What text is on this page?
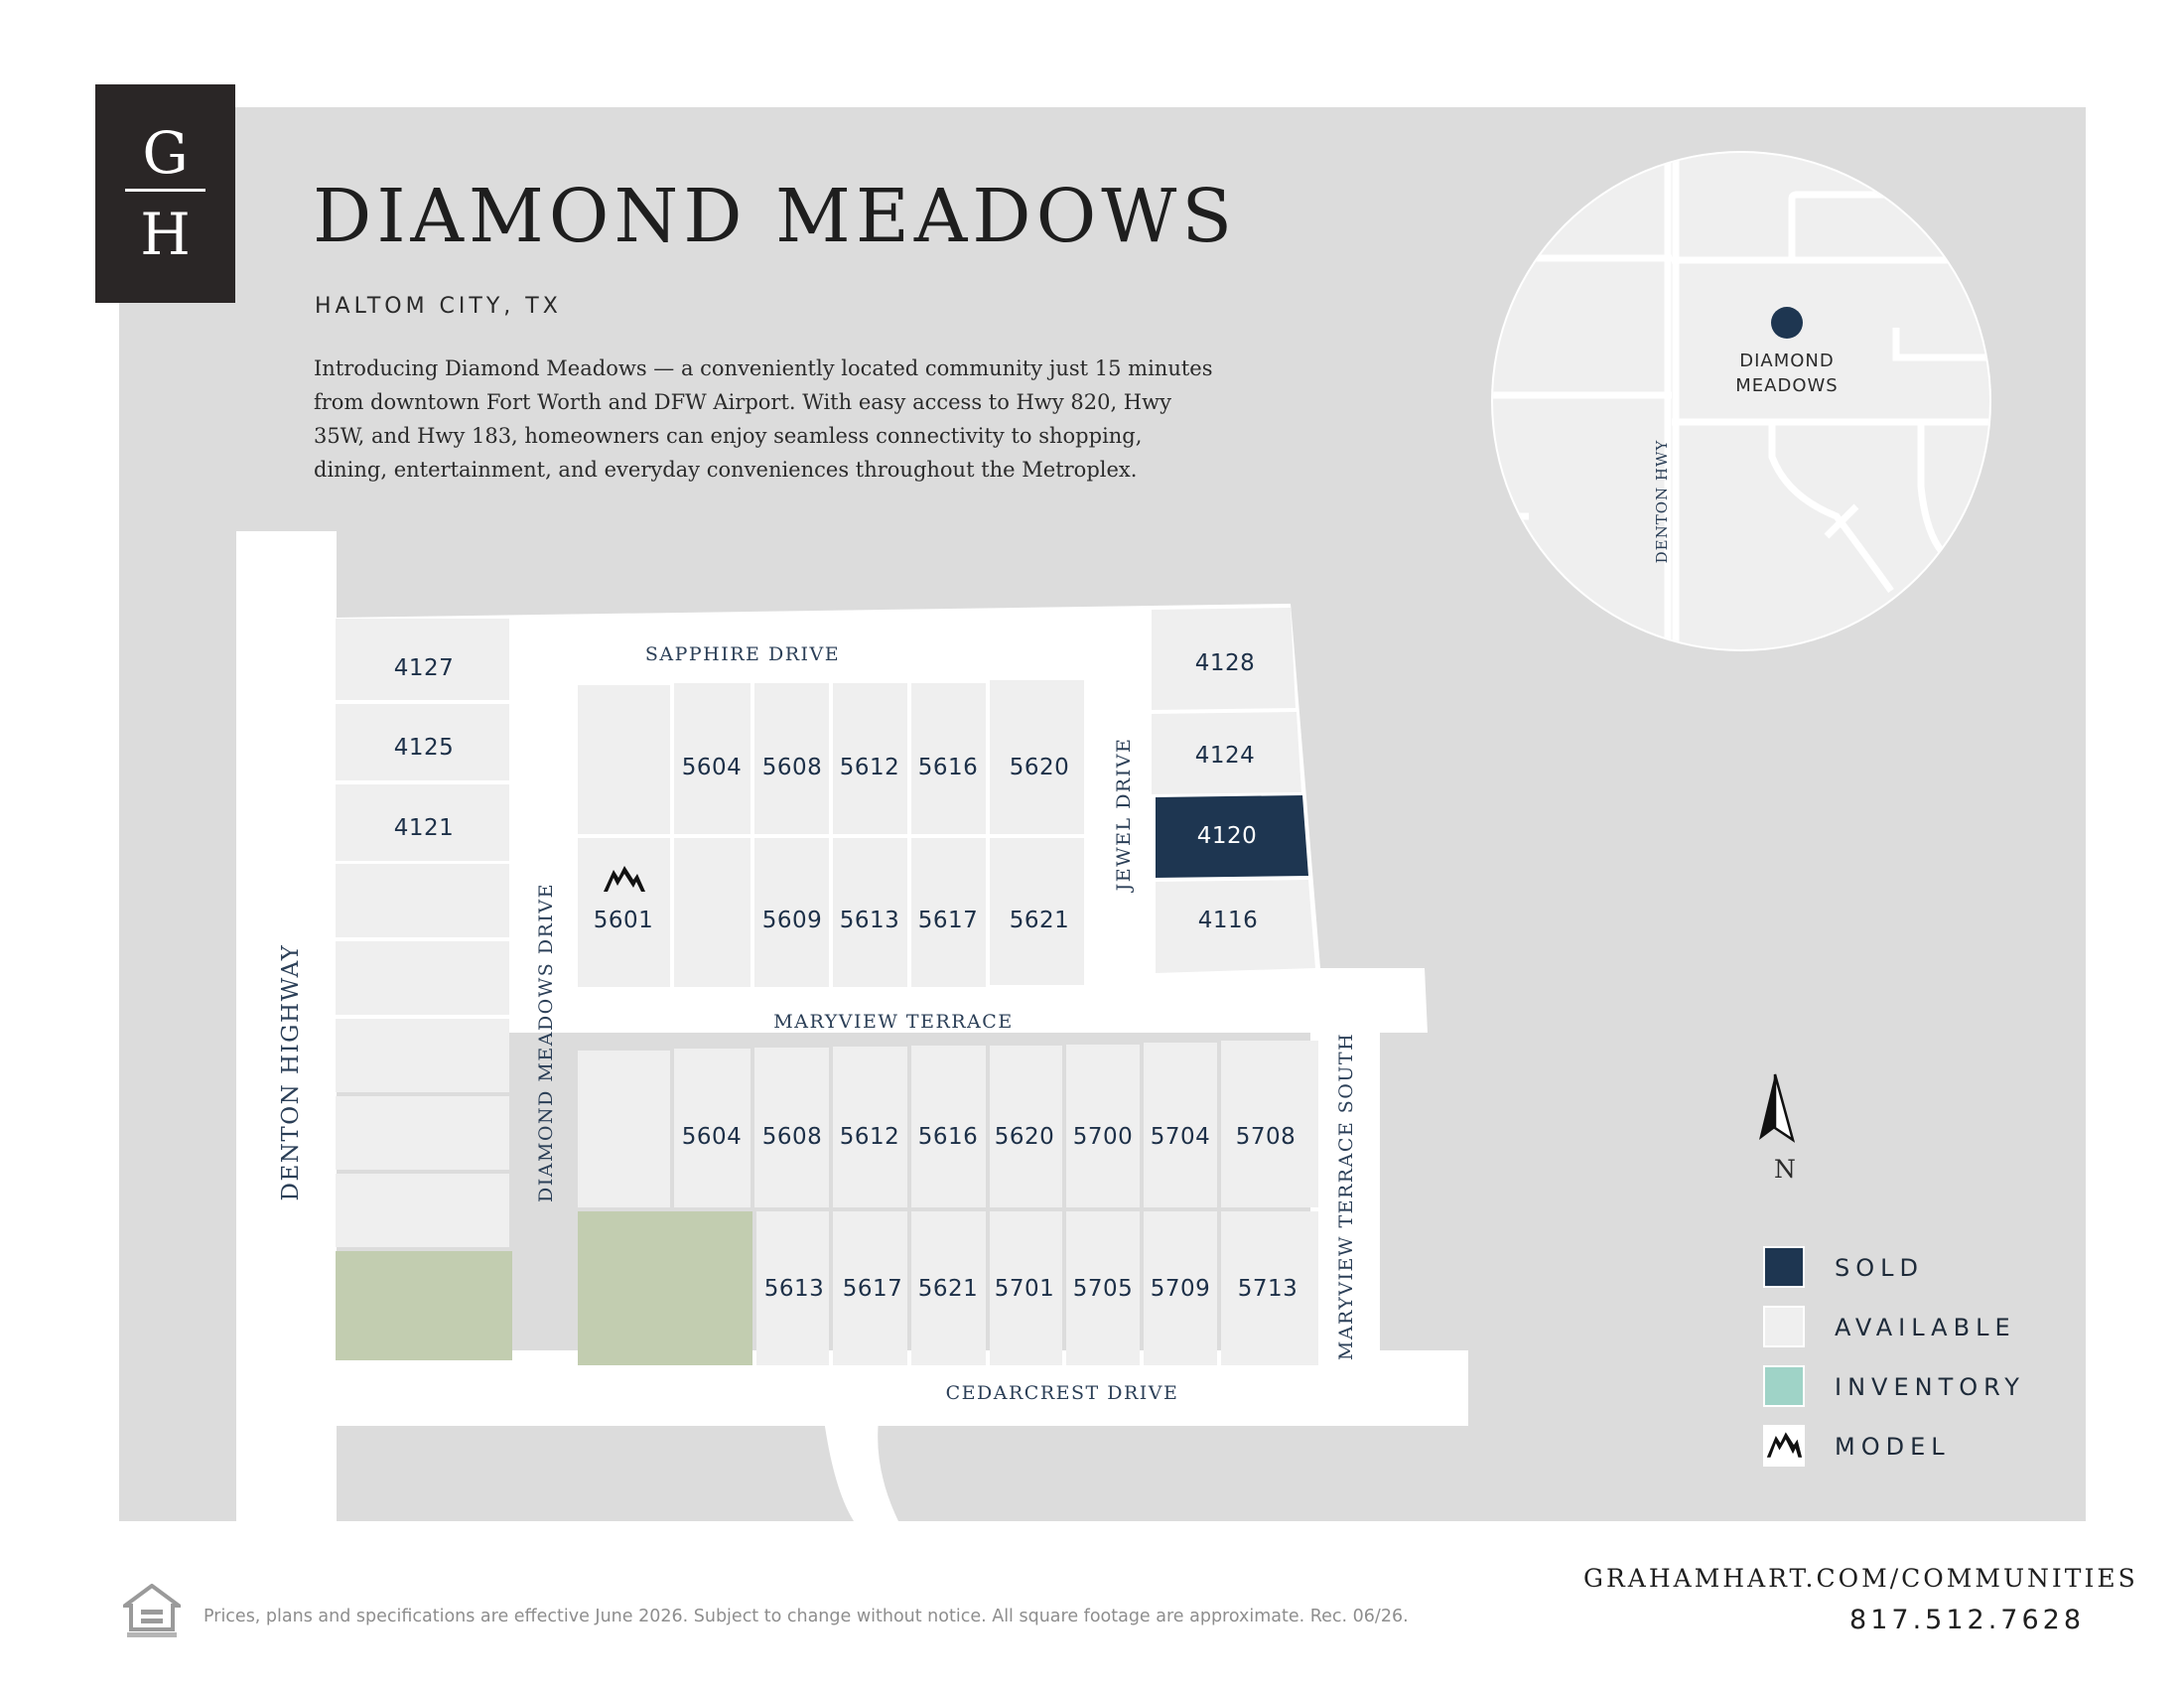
G
H	DIAMOND MEADOWS
HALTOM CITY, TX
Introducing Diamond Meadows — a conveniently located community just 15 minutes from downtown Fort Worth and DFW Airport. With easy access to Hwy 820, Hwy 35W, and Hwy 183, homeowners can enjoy seamless connectivity to shopping, dining, entertainment, and everyday conveniences throughout the Metroplex.
4127
4125
4121
5604 5608 5612 5616 5620
5601	5609 5613 5617 5621
4128
4124
4120
4116
5604 5608 5612 5616 5620 5700 5704 5708
5613 5617 5621 5701 5705 5709 5713
DENTON HIGHWAY
SAPPHIRE DRIVE
DIAMOND MEADOWS DRIVE
JEWEL DRIVE
MARYVIEW TERRACE
MARYVIEW TERRACE SOUTH
CEDARCREST DRIVE
DIAMOND
MEADOWS
DENTON HWY
N
SOLD
AVAILABLE
INVENTORY
MODEL
Prices, plans and specifications are effective June 2026. Subject to change without notice. All square footage are approximate. Rec. 06/26.
GRAHAMHART.COM/COMMUNITIES
817.512.7628
